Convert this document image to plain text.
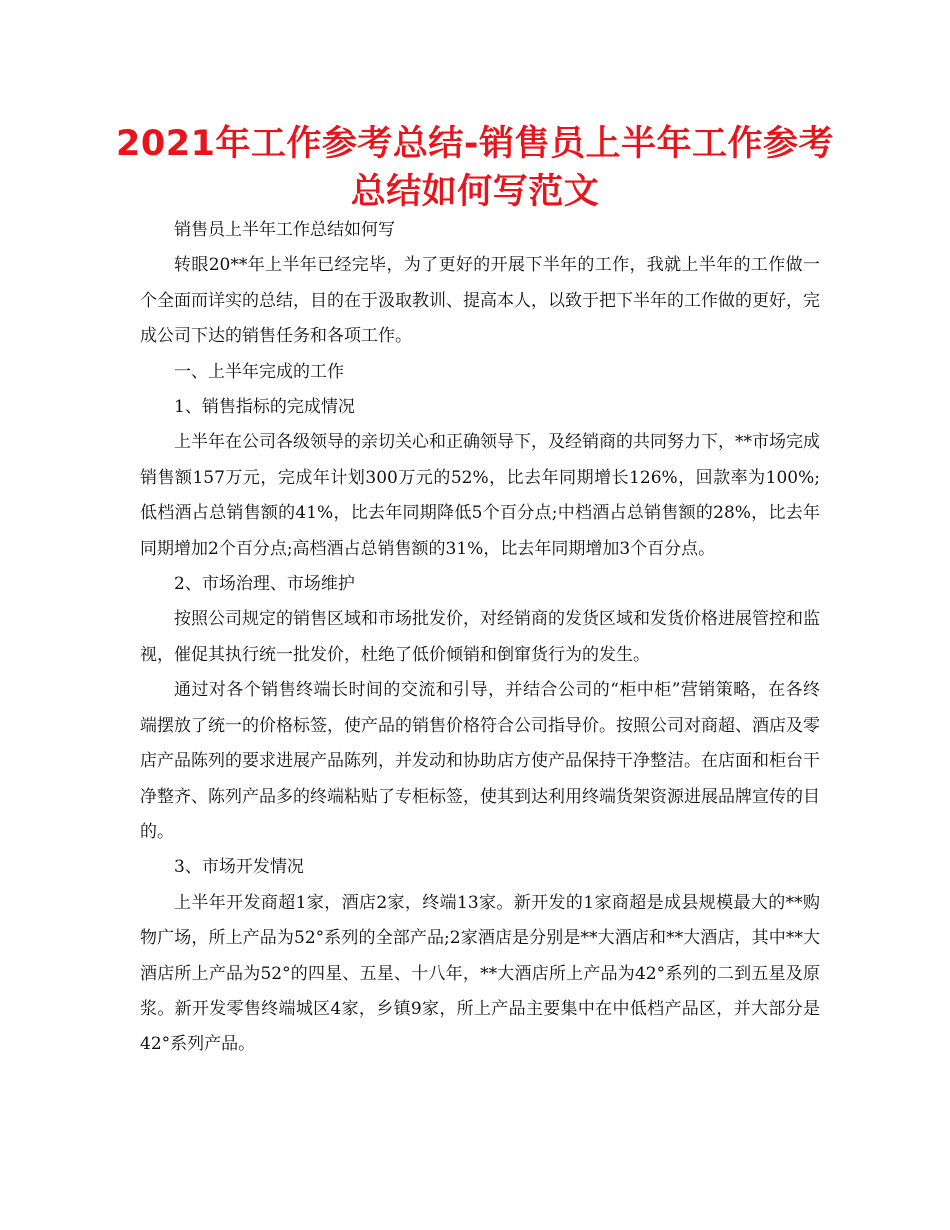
2021年工作参考总结-销售员上半年工作参考总结如何写范文

销售员上半年工作总结如何写

转眼20**年上半年已经完毕，为了更好的开展下半年的工作，我就上半年的工作做一个全面而详实的总结，目的在于汲取教训、提高本人，以致于把下半年的工作做的更好，完成公司下达的销售任务和各项工作。

一、上半年完成的工作

1、销售指标的完成情况

上半年在公司各级领导的亲切关心和正确领导下，及经销商的共同努力下，**市场完成销售额157万元，完成年计划300万元的52%，比去年同期增长126%，回款率为100%;低档酒占总销售额的41%，比去年同期降低5个百分点;中档酒占总销售额的28%，比去年同期增加2个百分点;高档酒占总销售额的31%，比去年同期增加3个百分点。

2、市场治理、市场维护

按照公司规定的销售区域和市场批发价，对经销商的发货区域和发货价格进展管控和监视，催促其执行统一批发价，杜绝了低价倾销和倒窜货行为的发生。

通过对各个销售终端长时间的交流和引导，并结合公司的“柜中柜”营销策略，在各终端摆放了统一的价格标签，使产品的销售价格符合公司指导价。按照公司对商超、酒店及零店产品陈列的要求进展产品陈列，并发动和协助店方使产品保持干净整洁。在店面和柜台干净整齐、陈列产品多的终端粘贴了专柜标签，使其到达利用终端货架资源进展品牌宣传的目的。

3、市场开发情况

上半年开发商超1家，酒店2家，终端13家。新开发的1家商超是成县规模最大的**购物广场，所上产品为52°系列的全部产品;2家酒店是分别是**大酒店和**大酒店，其中**大酒店所上产品为52°的四星、五星、十八年，**大酒店所上产品为42°系列的二到五星及原浆。新开发零售终端城区4家，乡镇9家，所上产品主要集中在中低档产品区，并大部分是42°系列产品。
